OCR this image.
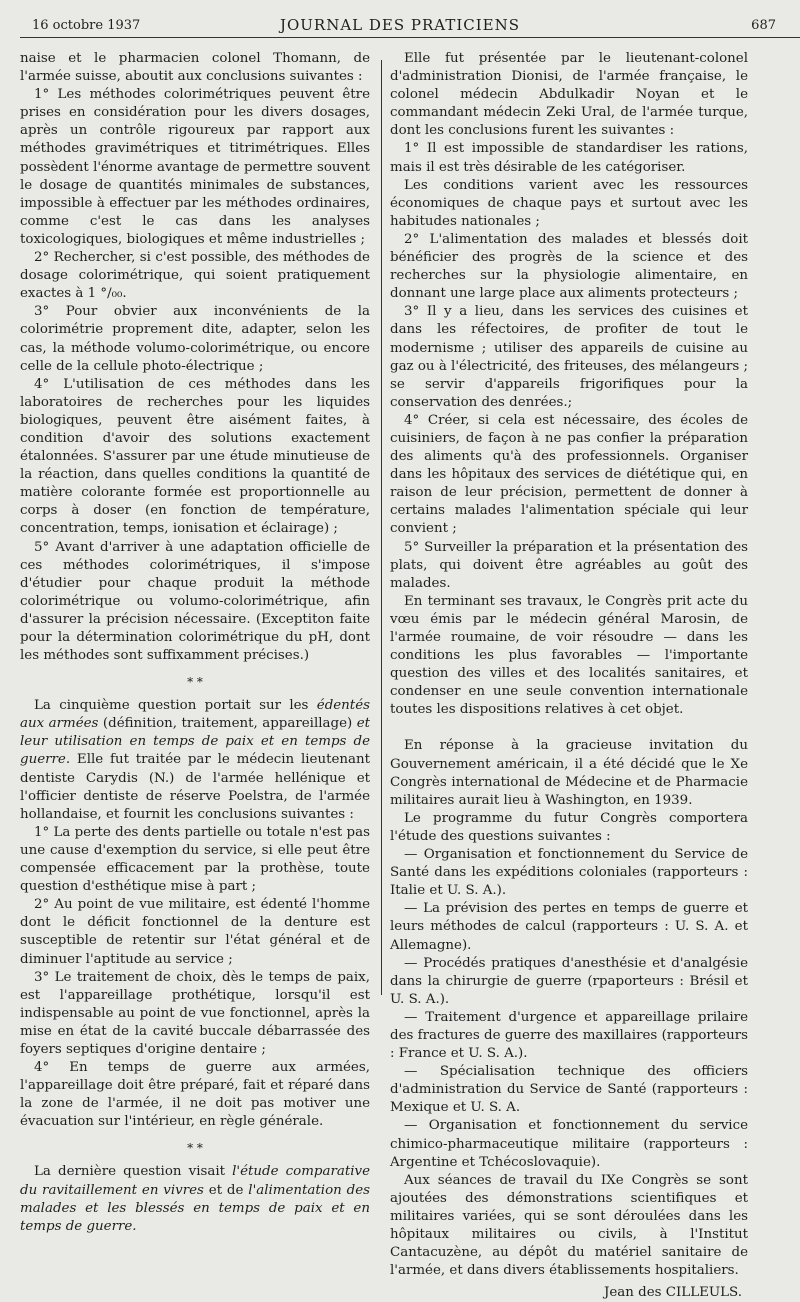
16 octobre 1937	JOURNAL DES PRATICIENS	687

naise et le pharmacien colonel Thomann, de l'armée suisse, aboutit aux conclusions suivantes :

1° Les méthodes colorimétriques peuvent être prises en considération pour les divers dosages, après un contrôle rigoureux par rapport aux méthodes gravimétriques et titrimétriques. Elles possèdent l'énorme avantage de permettre souvent le dosage de quantités minimales de substances, impossible à effectuer par les méthodes ordinaires, comme c'est le cas dans les analyses toxicologiques, biologiques et même industrielles ;

2° Rechercher, si c'est possible, des méthodes de dosage colorimétrique, qui soient pratiquement exactes à 1 °/₀₀.

3° Pour obvier aux inconvénients de la colorimétrie proprement dite, adapter, selon les cas, la méthode volumo-colorimétrique, ou encore celle de la cellule photo-électrique ;

4° L'utilisation de ces méthodes dans les laboratoires de recherches pour les liquides biologiques, peuvent être aisément faites, à condition d'avoir des solutions exactement étalonnées. S'assurer par une étude minutieuse de la réaction, dans quelles conditions la quantité de matière colorante formée est proportionnelle au corps à doser (en fonction de température, concentration, temps, ionisation et éclairage) ;

5° Avant d'arriver à une adaptation officielle de ces méthodes colorimétriques, il s'impose d'étudier pour chaque produit la méthode colorimétrique ou volumo-colorimétrique, afin d'assurer la précision nécessaire. (Exceptiton faite pour la détermination colorimétrique du pH, dont les méthodes sont suffixamment précises.)

* *

La cinquième question portait sur les édentés aux armées (définition, traitement, appareillage) et leur utilisation en temps de paix et en temps de guerre. Elle fut traitée par le médecin lieutenant dentiste Carydis (N.) de l'armée hellénique et l'officier dentiste de réserve Poelstra, de l'armée hollandaise, et fournit les conclusions suivantes :

1° La perte des dents partielle ou totale n'est pas une cause d'exemption du service, si elle peut être compensée efficacement par la prothèse, toute question d'esthétique mise à part ;

2° Au point de vue militaire, est édenté l'homme dont le déficit fonctionnel de la denture est susceptible de retentir sur l'état général et de diminuer l'aptitude au service ;

3° Le traitement de choix, dès le temps de paix, est l'appareillage prothétique, lorsqu'il est indispensable au point de vue fonctionnel, après la mise en état de la cavité buccale débarrassée des foyers septiques d'origine dentaire ;

4° En temps de guerre aux armées, l'appareillage doit être préparé, fait et réparé dans la zone de l'armée, il ne doit pas motiver une évacuation sur l'intérieur, en règle générale.

* *

La dernière question visait l'étude comparative du ravitaillement en vivres et de l'alimentation des malades et les blessés en temps de paix et en temps de guerre.

Elle fut présentée par le lieutenant-colonel d'administration Dionisi, de l'armée française, le colonel médecin Abdulkadir Noyan et le commandant médecin Zeki Ural, de l'armée turque, dont les conclusions furent les suivantes :

1° Il est impossible de standardiser les rations, mais il est très désirable de les catégoriser.

Les conditions varient avec les ressources économiques de chaque pays et surtout avec les habitudes nationales ;

2° L'alimentation des malades et blessés doit bénéficier des progrès de la science et des recherches sur la physiologie alimentaire, en donnant une large place aux aliments protecteurs ;

3° Il y a lieu, dans les services des cuisines et dans les réfectoires, de profiter de tout le modernisme ; utiliser des appareils de cuisine au gaz ou à l'électricité, des friteuses, des mélangeurs ; se servir d'appareils frigorifiques pour la conservation des denrées.;

4° Créer, si cela est nécessaire, des écoles de cuisiniers, de façon à ne pas confier la préparation des aliments qu'à des professionnels. Organiser dans les hôpitaux des services de diététique qui, en raison de leur précision, permettent de donner à certains malades l'alimentation spéciale qui leur convient ;

5° Surveiller la préparation et la présentation des plats, qui doivent être agréables au goût des malades.

En terminant ses travaux, le Congrès prit acte du vœu émis par le médecin général Marosin, de l'armée roumaine, de voir résoudre — dans les conditions les plus favorables — l'importante question des villes et des localités sanitaires, et condenser en une seule convention internationale toutes les dispositions relatives à cet objet.

En réponse à la gracieuse invitation du Gouvernement américain, il a été décidé que le Xe Congrès international de Médecine et de Pharmacie militaires aurait lieu à Washington, en 1939.

Le programme du futur Congrès comportera l'étude des questions suivantes :

— Organisation et fonctionnement du Service de Santé dans les expéditions coloniales (rapporteurs : Italie et U. S. A.).

— La prévision des pertes en temps de guerre et leurs méthodes de calcul (rapporteurs : U. S. A. et Allemagne).

— Procédés pratiques d'anesthésie et d'analgésie dans la chirurgie de guerre (rpaporteurs : Brésil et U. S. A.).

— Traitement d'urgence et appareillage prilaire des fractures de guerre des maxillaires (rapporteurs : France et U. S. A.).

— Spécialisation technique des officiers d'administration du Service de Santé (rapporteurs : Mexique et U. S. A.

— Organisation et fonctionnement du service chimico-pharmaceutique militaire (rapporteurs : Argentine et Tchécoslovaquie).

Aux séances de travail du IXe Congrès se sont ajoutées des démonstrations scientifiques et militaires variées, qui se sont déroulées dans les hôpitaux militaires ou civils, à l'Institut Cantacuzène, au dépôt du matériel sanitaire de l'armée, et dans divers établissements hospitaliers.

Jean des CILLEULS.
